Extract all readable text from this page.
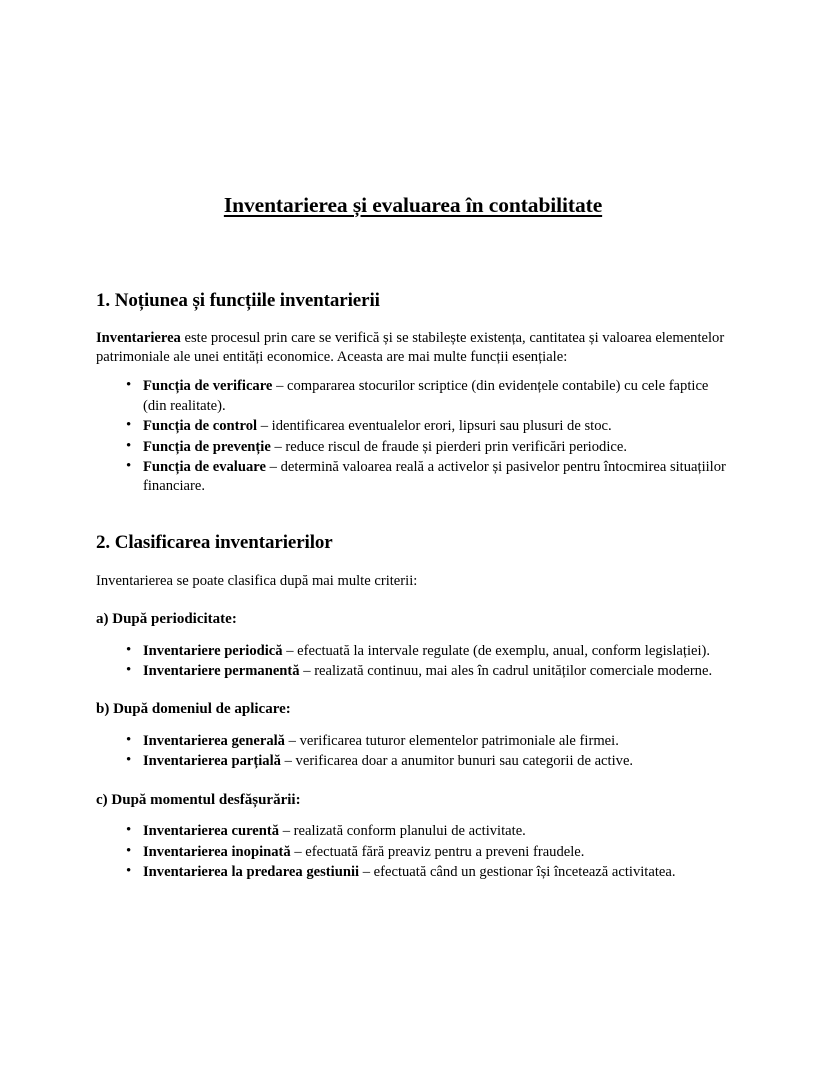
Inventarierea și evaluarea în contabilitate
1. Noțiunea și funcțiile inventarierii

Inventarierea este procesul prin care se verifică și se stabilește existența, cantitatea și valoarea elementelor patrimoniale ale unei entități economice. Aceasta are mai multe funcții esențiale:

• Funcția de verificare – compararea stocurilor scriptice (din evidențele contabile) cu cele faptice (din realitate).
• Funcția de control – identificarea eventualelor erori, lipsuri sau plusuri de stoc.
• Funcția de prevenție – reduce riscul de fraude și pierderi prin verificări periodice.
• Funcția de evaluare – determină valoarea reală a activelor și pasivelor pentru întocmirea situațiilor financiare.
2. Clasificarea inventarierilor

Inventarierea se poate clasifica după mai multe criterii:

a) După periodicitate:
• Inventariere periodică – efectuată la intervale regulate (de exemplu, anual, conform legislației).
• Inventariere permanentă – realizată continuu, mai ales în cadrul unităților comerciale moderne.
b) După domeniul de aplicare:
• Inventarierea generală – verificarea tuturor elementelor patrimoniale ale firmei.
• Inventarierea parțială – verificarea doar a anumitor bunuri sau categorii de active.
c) După momentul desfășurării:
• Inventarierea curentă – realizată conform planului de activitate.
• Inventarierea inopinată – efectuată fără preaviz pentru a preveni fraudele.
• Inventarierea la predarea gestiunii – efectuată când un gestionar își încetează activitatea.
